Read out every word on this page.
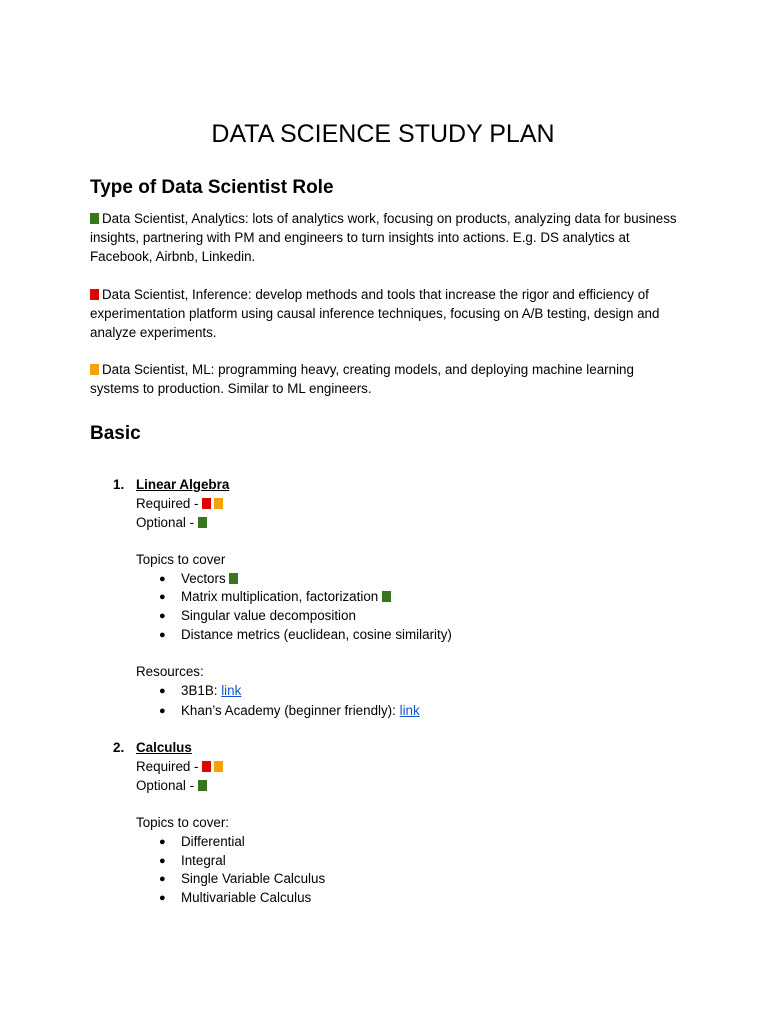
DATA SCIENCE STUDY PLAN
Type of Data Scientist Role

Data Scientist, Analytics: lots of analytics work, focusing on products, analyzing data for business insights, partnering with PM and engineers to turn insights into actions. E.g. DS analytics at Facebook, Airbnb, Linkedin.

Data Scientist, Inference: develop methods and tools that increase the rigor and efficiency of experimentation platform using causal inference techniques, focusing on A/B testing, design and analyze experiments.

Data Scientist, ML: programming heavy, creating models, and deploying machine learning systems to production. Similar to ML engineers.

Basic
1. Linear Algebra
Required -
Optional -
Topics to cover
● Vectors
● Matrix multiplication, factorization
● Singular value decomposition
● Distance metrics (euclidean, cosine similarity)
Resources:
● 3B1B: link
● Khan’s Academy (beginner friendly): link
2. Calculus
Required -
Optional -
Topics to cover:
● Differential
● Integral
● Single Variable Calculus
● Multivariable Calculus
